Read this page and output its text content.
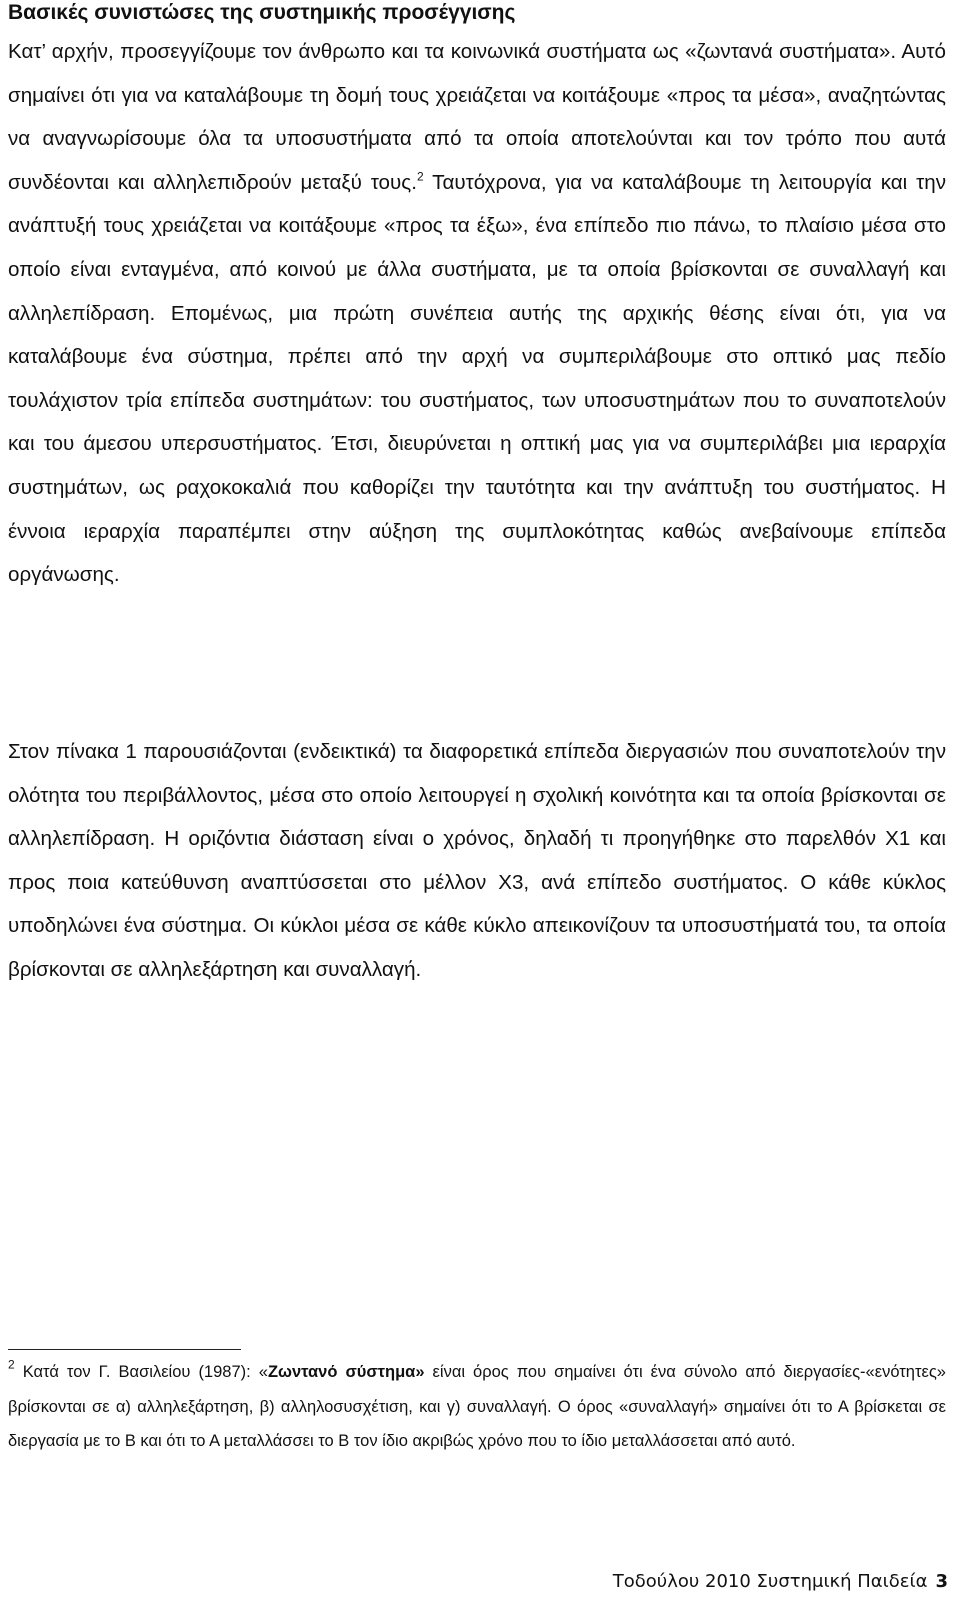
Βασικές συνιστώσες της συστημικής προσέγγισης

Κατ’ αρχήν, προσεγγίζουμε τον άνθρωπο και τα κοινωνικά συστήματα ως «ζωντανά συστήματα». Αυτό σημαίνει ότι για να καταλάβουμε τη δομή τους χρειάζεται να κοιτάξουμε «προς τα μέσα», αναζητώντας να αναγνωρίσουμε όλα τα υποσυστήματα από τα οποία αποτελούνται και τον τρόπο που αυτά συνδέονται και αλληλεπιδρούν μεταξύ τους.$^2$ Ταυτόχρονα, για να καταλάβουμε τη λειτουργία και την ανάπτυξή τους χρειάζεται να κοιτάξουμε «προς τα έξω», ένα επίπεδο πιο πάνω, το πλαίσιο μέσα στο οποίο είναι ενταγμένα, από κοινού με άλλα συστήματα, με τα οποία βρίσκονται σε συναλλαγή και αλληλεπίδραση. Επομένως, μια πρώτη συνέπεια αυτής της αρχικής θέσης είναι ότι, για να καταλάβουμε ένα σύστημα, πρέπει από την αρχή να συμπεριλάβουμε στο οπτικό μας πεδίο τουλάχιστον τρία επίπεδα συστημάτων: του συστήματος, των υποσυστημάτων που το συναποτελούν και του άμεσου υπερσυστήματος. Έτσι, διευρύνεται η οπτική μας για να συμπεριλάβει μια ιεραρχία συστημάτων, ως ραχοκοκαλιά που καθορίζει την ταυτότητα και την ανάπτυξη του συστήματος. Η έννοια ιεραρχία παραπέμπει στην αύξηση της συμπλοκότητας καθώς ανεβαίνουμε επίπεδα οργάνωσης.

Στον πίνακα 1 παρουσιάζονται (ενδεικτικά) τα διαφορετικά επίπεδα διεργασιών που συναποτελούν την ολότητα του περιβάλλοντος, μέσα στο οποίο λειτουργεί η σχολική κοινότητα και τα οποία βρίσκονται σε αλληλεπίδραση. Η οριζόντια διάσταση είναι ο χρόνος, δηλαδή τι προηγήθηκε στο παρελθόν Χ1 και προς ποια κατεύθυνση αναπτύσσεται στο μέλλον Χ3, ανά επίπεδο συστήματος. Ο κάθε κύκλος υποδηλώνει ένα σύστημα. Οι κύκλοι μέσα σε κάθε κύκλο απεικονίζουν τα υποσυστήματά του, τα οποία βρίσκονται σε αλληλεξάρτηση και συναλλαγή.

$^2$ Κατά τον Γ. Βασιλείου (1987): «Ζωντανό σύστημα» είναι όρος που σημαίνει ότι ένα σύνολο από διεργασίες-«ενότητες» βρίσκονται σε α) αλληλεξάρτηση, β) αλληλοσυσχέτιση, και γ) συναλλαγή. Ο όρος «συναλλαγή» σημαίνει ότι το Α βρίσκεται σε διεργασία με το Β και ότι το Α μεταλλάσσει το Β τον ίδιο ακριβώς χρόνο που το ίδιο μεταλλάσσεται από αυτό.

Τοδούλου 2010 Συστημική Παιδεία 3
